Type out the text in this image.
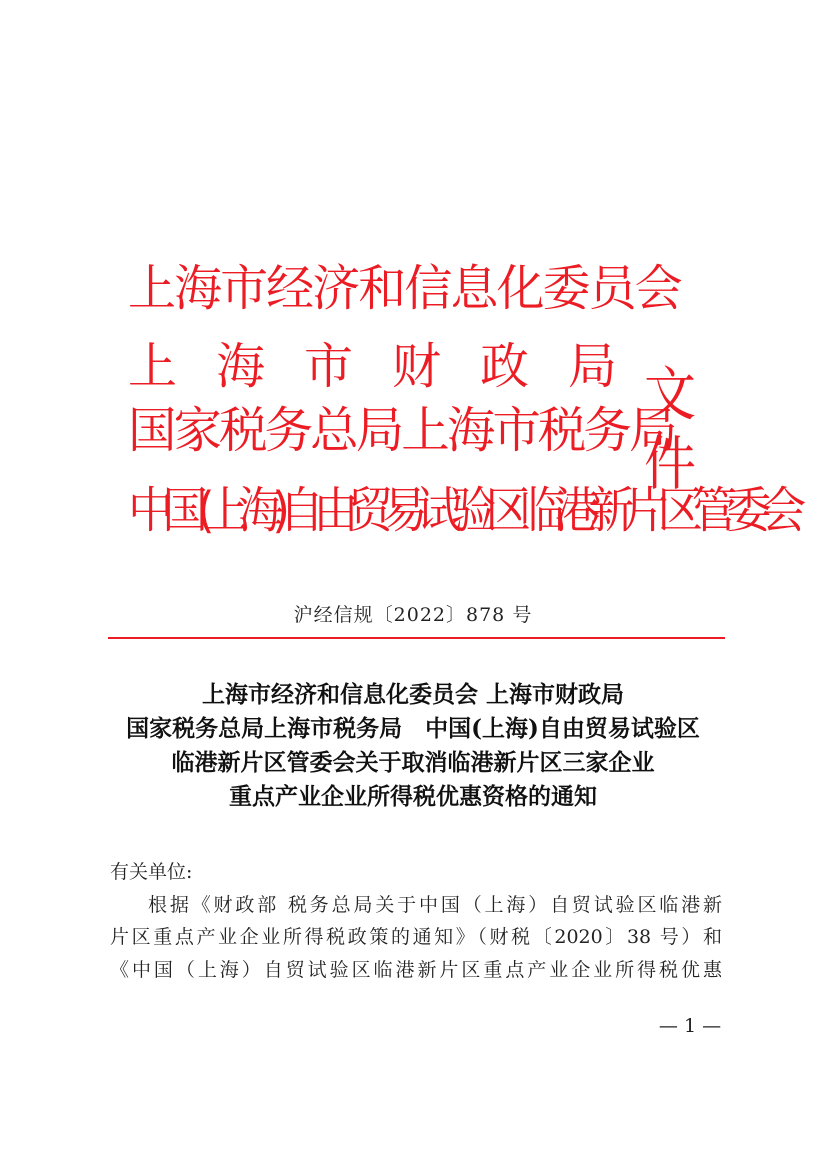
上海市经济和信息化委员会
上 海 市 财 政 局
国家税务总局上海市税务局
中国(上海)自由贸易试验区临港新片区管委会
文件
沪经信规〔2022〕878 号
上海市经济和信息化委员会 上海市财政局
国家税务总局上海市税务局　中国(上海)自由贸易试验区
临港新片区管委会关于取消临港新片区三家企业
重点产业企业所得税优惠资格的通知

有关单位:

根据《财政部 税务总局关于中国（上海）自贸试验区临港新

片区重点产业企业所得税政策的通知》（财税〔2020〕38 号）和

《中国（上海）自贸试验区临港新片区重点产业企业所得税优惠

— 1 —
